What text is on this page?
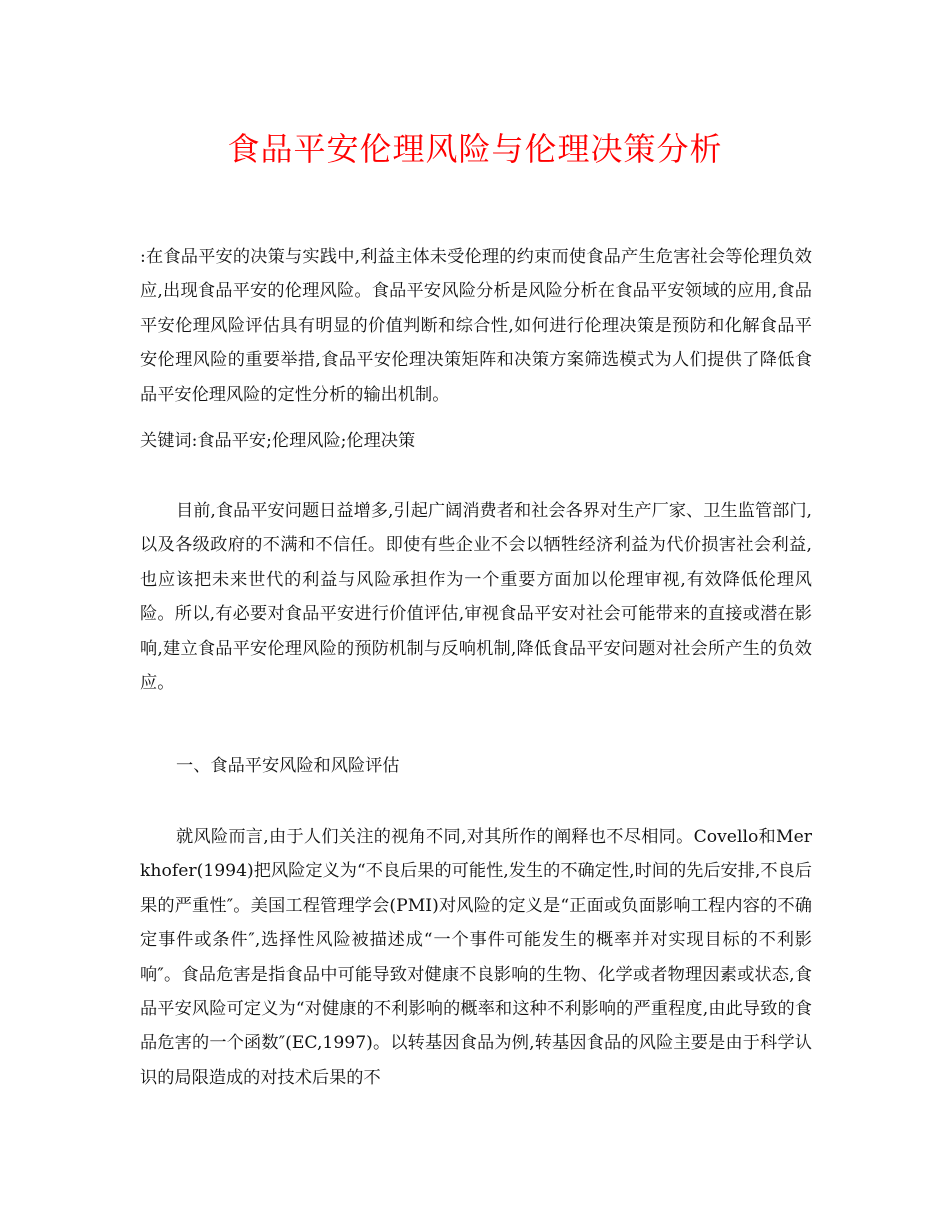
食品平安伦理风险与伦理决策分析

:在食品平安的决策与实践中,利益主体未受伦理的约束而使食品产生危害社会等伦理负效应,出现食品平安的伦理风险。食品平安风险分析是风险分析在食品平安领域的应用,食品平安伦理风险评估具有明显的价值判断和综合性,如何进行伦理决策是预防和化解食品平安伦理风险的重要举措,食品平安伦理决策矩阵和决策方案筛选模式为人们提供了降低食品平安伦理风险的定性分析的输出机制。

关键词:食品平安;伦理风险;伦理决策

目前,食品平安问题日益增多,引起广阔消费者和社会各界对生产厂家、卫生监管部门,以及各级政府的不满和不信任。即使有些企业不会以牺牲经济利益为代价损害社会利益,也应该把未来世代的利益与风险承担作为一个重要方面加以伦理审视,有效降低伦理风险。所以,有必要对食品平安进行价值评估,审视食品平安对社会可能带来的直接或潜在影响,建立食品平安伦理风险的预防机制与反响机制,降低食品平安问题对社会所产生的负效应。

一、食品平安风险和风险评估

就风险而言,由于人们关注的视角不同,对其所作的阐释也不尽相同。Covello和Merkhofer(1994)把风险定义为“不良后果的可能性,发生的不确定性,时间的先后安排,不良后果的严重性″。美国工程管理学会(PMI)对风险的定义是“正面或负面影响工程内容的不确定事件或条件″,选择性风险被描述成“一个事件可能发生的概率并对实现目标的不利影响″。食品危害是指食品中可能导致对健康不良影响的生物、化学或者物理因素或状态,食品平安风险可定义为“对健康的不利影响的概率和这种不利影响的严重程度,由此导致的食品危害的一个函数″(EC,1997)。以转基因食品为例,转基因食品的风险主要是由于科学认识的局限造成的对技术后果的不
